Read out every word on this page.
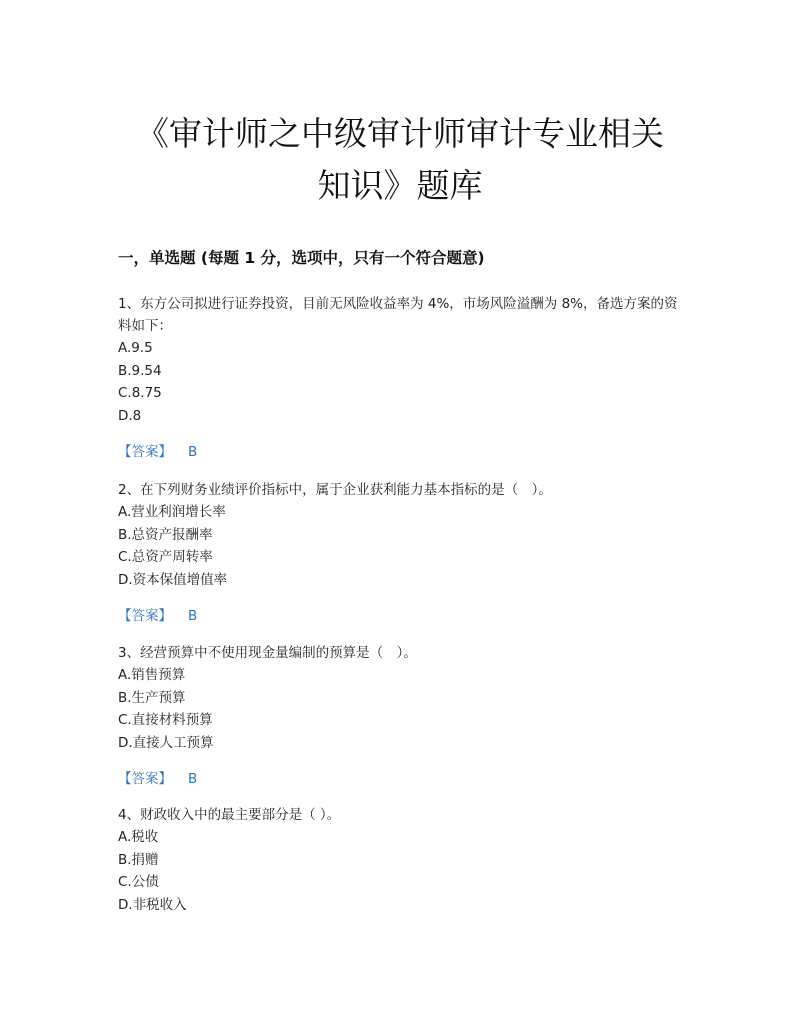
《审计师之中级审计师审计专业相关
知识》题库
一，单选题 (每题 1 分，选项中，只有一个符合题意)
1、东方公司拟进行证券投资，目前无风险收益率为 4%，市场风险溢酬为 8%，备选方案的资料如下：
A.9.5
B.9.54
C.8.75
D.8
【答案】 B
2、在下列财务业绩评价指标中，属于企业获利能力基本指标的是（　）。
A.营业利润增长率
B.总资产报酬率
C.总资产周转率
D.资本保值增值率
【答案】 B
3、经营预算中不使用现金量编制的预算是（　）。
A.销售预算
B.生产预算
C.直接材料预算
D.直接人工预算
【答案】 B
4、财政收入中的最主要部分是（ ）。
A.税收
B.捐赠
C.公债
D.非税收入
